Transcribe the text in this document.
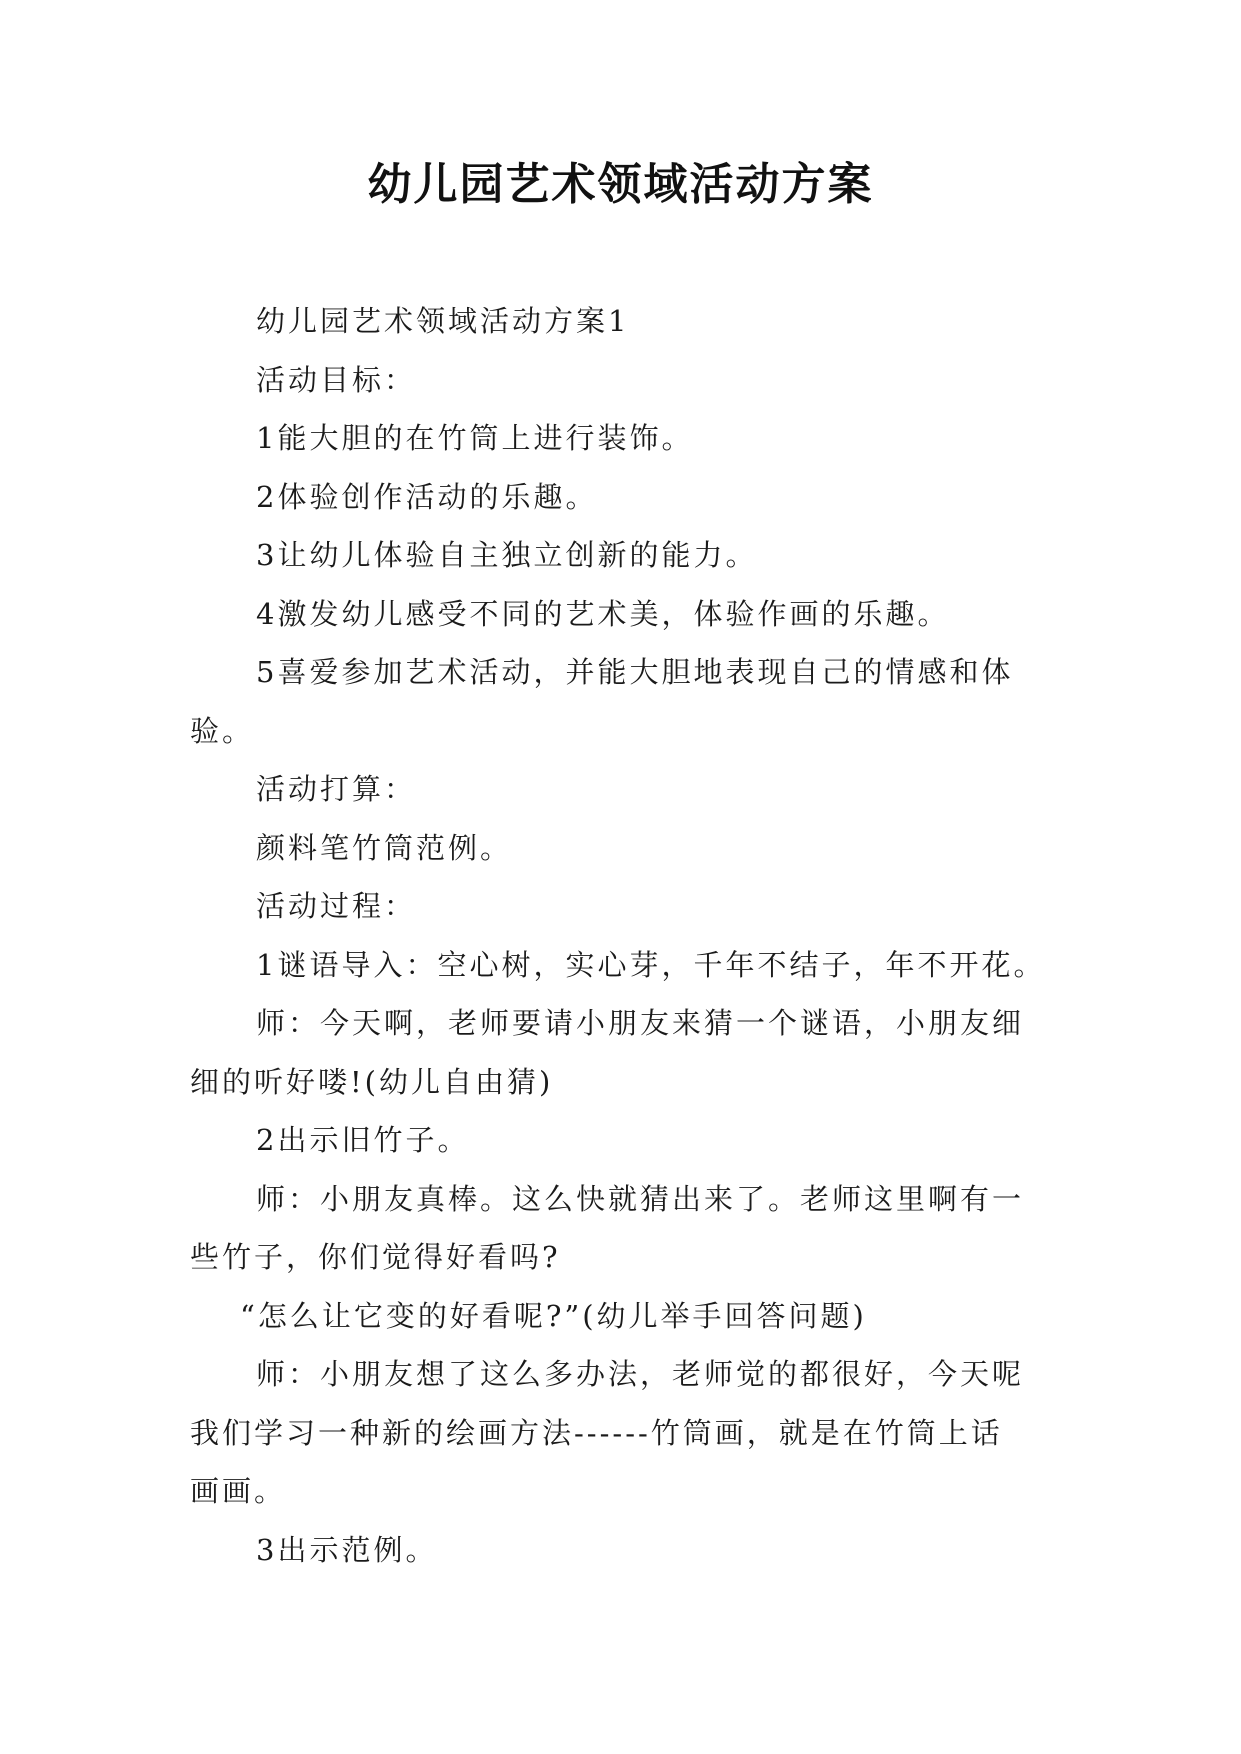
幼儿园艺术领域活动方案

幼儿园艺术领域活动方案1

活动目标：

1能大胆的在竹筒上进行装饰。

2体验创作活动的乐趣。

3让幼儿体验自主独立创新的能力。

4激发幼儿感受不同的艺术美，体验作画的乐趣。

5喜爱参加艺术活动，并能大胆地表现自己的情感和体

验。

活动打算：

颜料笔竹筒范例。

活动过程：

1谜语导入：空心树，实心芽，千年不结子，年不开花。

师：今天啊，老师要请小朋友来猜一个谜语，小朋友细

细的听好喽!(幼儿自由猜)

2出示旧竹子。

师：小朋友真棒。这么快就猜出来了。老师这里啊有一

些竹子，你们觉得好看吗?

“怎么让它变的好看呢?”(幼儿举手回答问题)

师：小朋友想了这么多办法，老师觉的都很好，今天呢

我们学习一种新的绘画方法------竹筒画，就是在竹筒上话

画画。

3出示范例。
